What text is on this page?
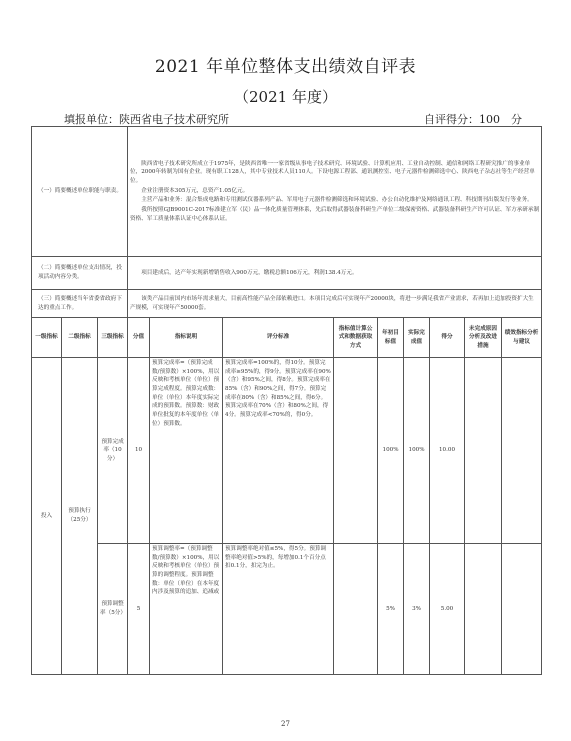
2021 年单位整体支出绩效自评表
（2021 年度）
填报单位：陕西省电子技术研究所	自评得分：100　分
（一）简要概述单位职能与职责。			陕西省电子技术研究所成立于1975年，是陕西省唯一一家省级从事电子技术研究、环境试验、计算机应用、工业自动控制、通信和网络工程研究推广的事业单位，2000年转制为国有企业。现有职工128人，其中专业技术人员110人。下设电源工程部、通讯测控室、电子元器件检测筛选中心、陕西电子杂志社等生产经营单位。

企业注册资本305万元，总资产1.05亿元。

主营产品和业务：混合集成电路和专用测试仪器系列产品、军用电子元器件检测筛选和环境试验、办公自动化维护及网络通讯工程、科技期刊出版发行等业务。

我所按照GJB9001C-2017标准建立军（民）品一体化质量管理体系，先后取得武器装备科研生产单位二级保密资格、武器装备科研生产许可认证、军方承研承制资格、军工质量体系认证中心体系认证。								

（二）简要概述单位支出情况，投项活动内容分类。			项目建成后，达产年实现新增销售收入900万元，缴税总额106万元，利润138.4万元。								

（三）简要概述当年省委省政府下达的重点工作。			该类产品目前国内市场年需求量大，目前高性能产品全部依赖进口。本项目完成后可实现年产20000块，将进一步满足我省产业需求，若再加上追加投资扩大生产规模，可实现年产50000套。								

一级指标	二级指标	三级指标	分值	指标说明	评分标准	指标值计算公式和数据获取方式	年初目标值	实际完成值	得分	未完成原因分析及改进措施	绩效指标分析与建议
投入	预算执行（25分）	预算完成率（10分）	10	预算完成率=（预算完成数/预算数）×100%，用以反映和考核单位（单位）预算完成程度。预算完成数：单位（单位）本年度实际完成的预算数。预算数：财政单位批复的本年度单位（单位）预算数。	预算完成率=100%的，得10分。预算完成率≥95%的，得9分。预算完成率在90%（含）和95%之间，得8分。预算完成率在85%（含）和90%之间，得7分。预算完成率在80%（含）和85%之间，得6分。预算完成率在70%（含）和80%之间，得4分。预算完成率<70%的，得0分。		100%	100%	10.00		
		预算调整率（5分）	5	预算调整率=（预算调整数/预算数）×100%，用以反映和考核单位（单位）预算的调整程度。预算调整数：单位（单位）在本年度内涉及预算的追加、追减或	预算调整率绝对值≤5%，得5分。预算调整率绝对值>5%的，每增加0.1个百分点扣0.1分，扣完为止。		5%	3%	5.00		
27
